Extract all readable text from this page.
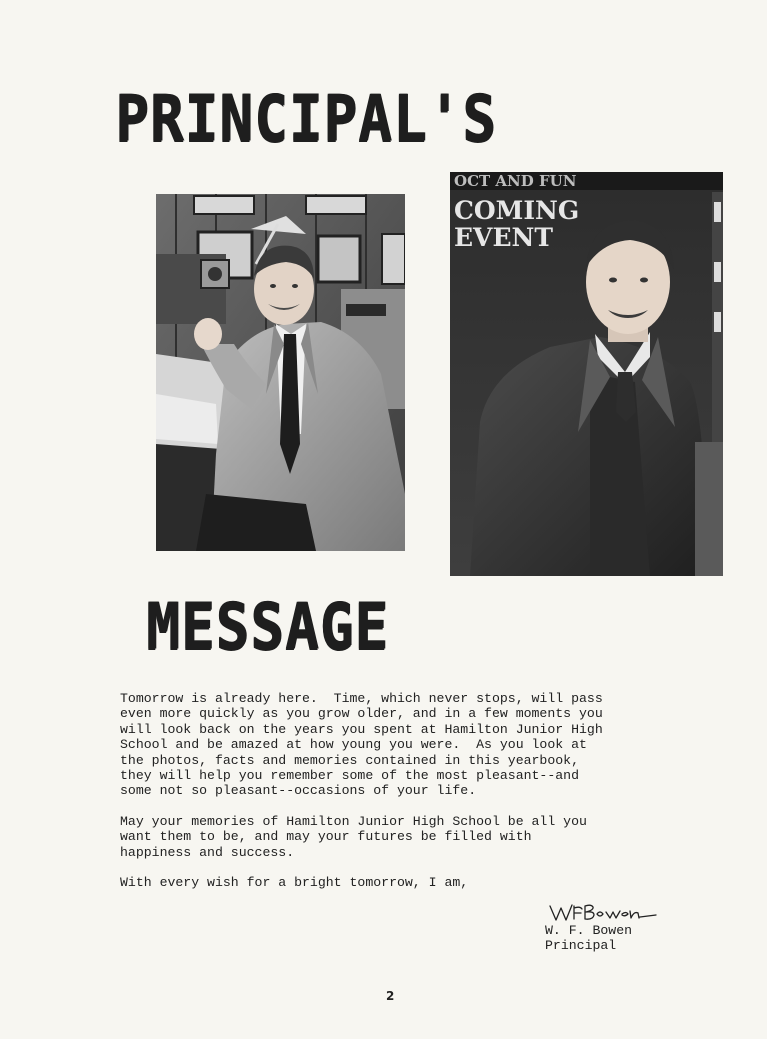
PRINCIPAL'S
OCT AND FUN
COMING
EVENT
MESSAGE

Tomorrow is already here.  Time, which never stops, will pass
even more quickly as you grow older, and in a few moments you
will look back on the years you spent at Hamilton Junior High
School and be amazed at how young you were.  As you look at
the photos, facts and memories contained in this yearbook,
they will help you remember some of the most pleasant--and
some not so pleasant--occasions of your life.

May your memories of Hamilton Junior High School be all you
want them to be, and may your futures be filled with
happiness and success.

With every wish for a bright tomorrow, I am,

W. F. Bowen
Principal
2
